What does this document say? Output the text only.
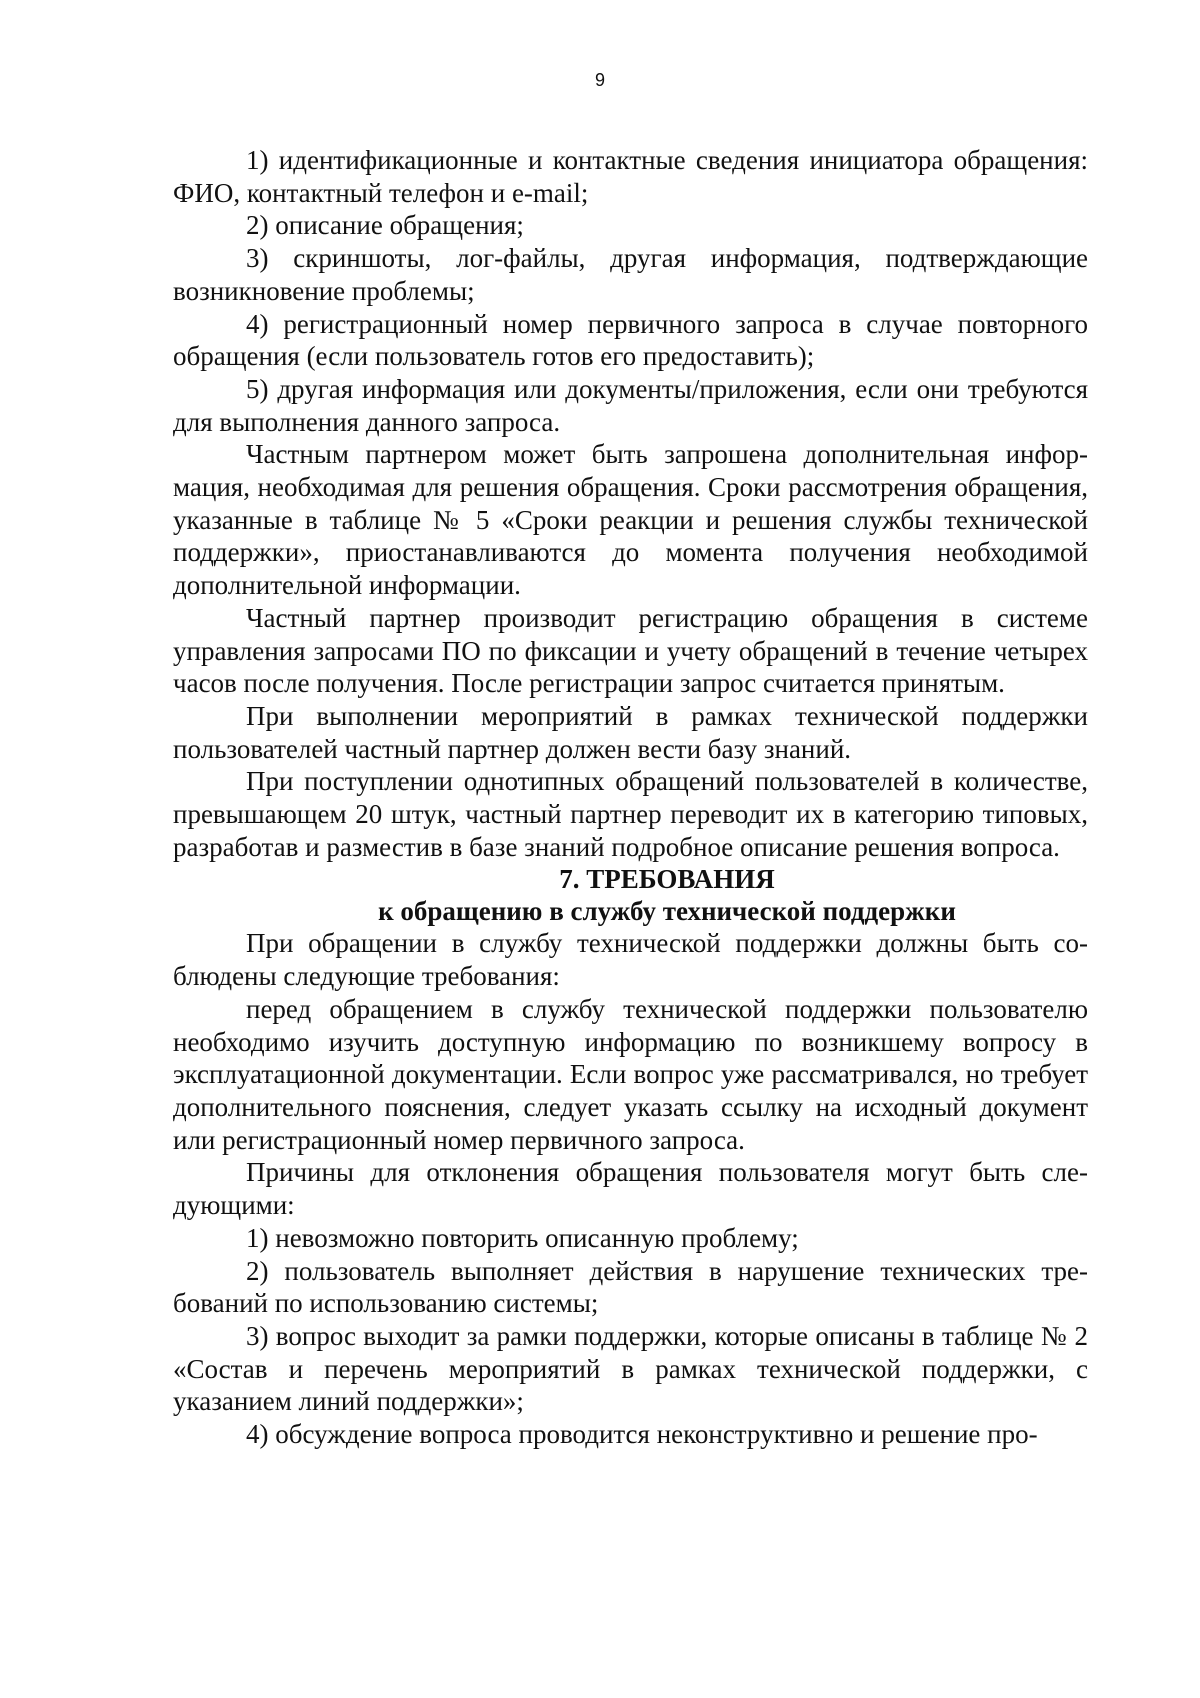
9

1) идентификационные и контактные сведения инициатора обращения: ФИО, контактный телефон и e-mail;

2) описание обращения;

3) скриншоты, лог-файлы, другая информация, подтверждающие возникновение проблемы;

4) регистрационный номер первичного запроса в случае повторного обращения (если пользователь готов его предоставить);

5) другая информация или документы/приложения, если они требуются для выполнения данного запроса.

Частным партнером может быть запрошена дополнительная информация, необходимая для решения обращения. Сроки рассмотрения обращения, указанные в таблице № 5 «Сроки реакции и решения службы технической поддержки», приостанавливаются до момента получения необходимой дополнительной информации.

Частный партнер производит регистрацию обращения в системе управления запросами ПО по фиксации и учету обращений в течение четырех часов после получения. После регистрации запрос считается принятым.

При выполнении мероприятий в рамках технической поддержки пользователей частный партнер должен вести базу знаний.

При поступлении однотипных обращений пользователей в количестве, превышающем 20 штук, частный партнер переводит их в категорию типовых, разработав и разместив в базе знаний подробное описание решения вопроса.

7. ТРЕБОВАНИЯ

к обращению в службу технической поддержки

При обращении в службу технической поддержки должны быть соблюдены следующие требования:

перед обращением в службу технической поддержки пользователю необходимо изучить доступную информацию по возникшему вопросу в эксплуатационной документации. Если вопрос уже рассматривался, но требует дополнительного пояснения, следует указать ссылку на исходный документ или регистрационный номер первичного запроса.

Причины для отклонения обращения пользователя могут быть следующими:

1) невозможно повторить описанную проблему;

2) пользователь выполняет действия в нарушение технических требований по использованию системы;

3) вопрос выходит за рамки поддержки, которые описаны в таблице № 2 «Состав и перечень мероприятий в рамках технической поддержки, с указанием линий поддержки»;

4) обсуждение вопроса проводится неконструктивно и решение про-
